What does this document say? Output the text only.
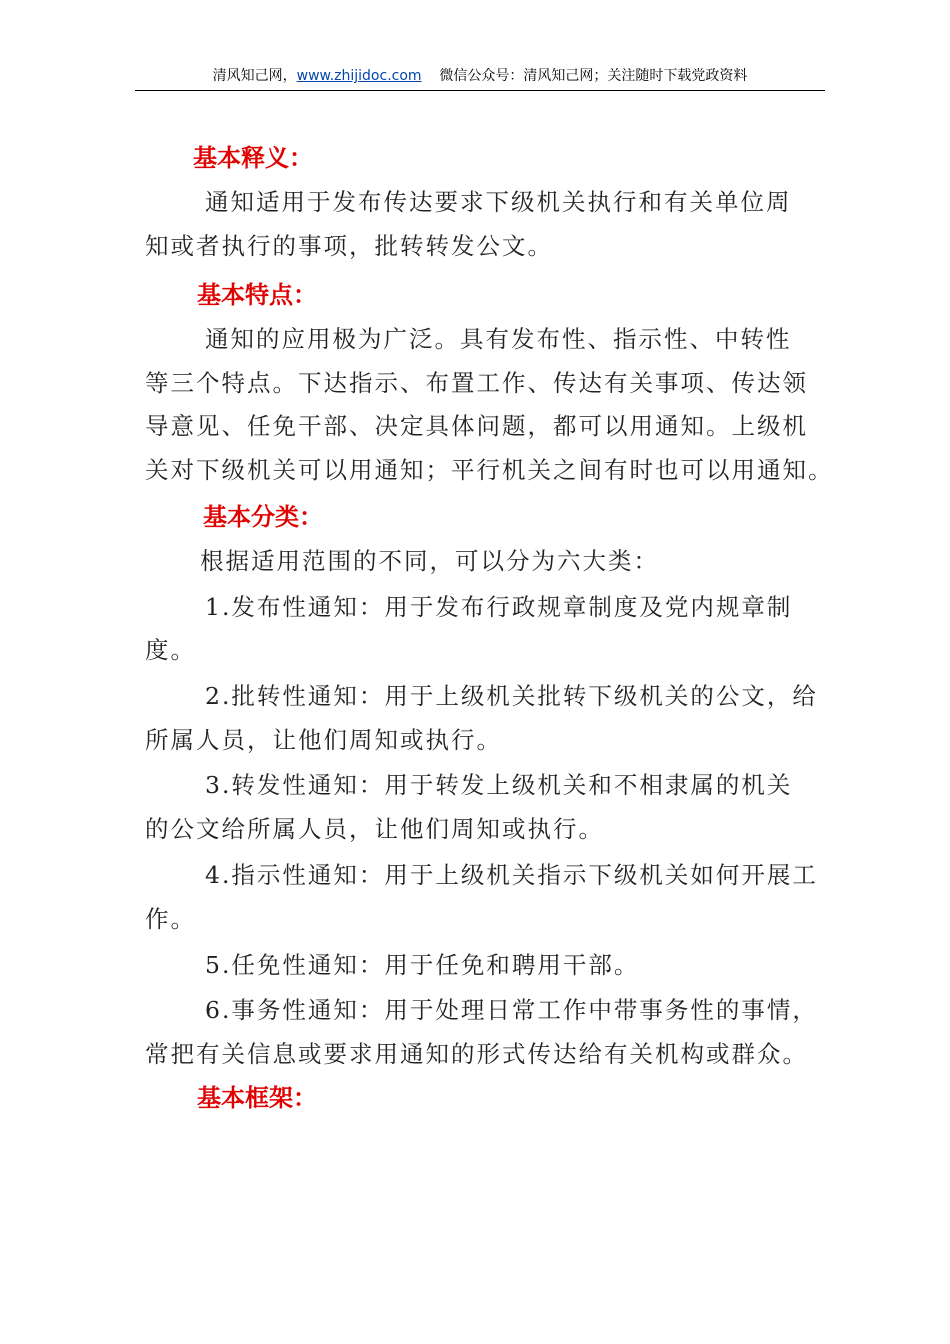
清风知己网，www.zhijidoc.com 微信公众号：清风知己网；关注随时下载党政资料
基本释义：
通知适用于发布传达要求下级机关执行和有关单位周
知或者执行的事项，批转转发公文。
基本特点：
通知的应用极为广泛。具有发布性、指示性、中转性
等三个特点。下达指示、布置工作、传达有关事项、传达领
导意见、任免干部、决定具体问题，都可以用通知。上级机
关对下级机关可以用通知；平行机关之间有时也可以用通知。
基本分类：
根据适用范围的不同，可以分为六大类：
1.发布性通知：用于发布行政规章制度及党内规章制
度。
2.批转性通知：用于上级机关批转下级机关的公文，给
所属人员，让他们周知或执行。
3.转发性通知：用于转发上级机关和不相隶属的机关
的公文给所属人员，让他们周知或执行。
4.指示性通知：用于上级机关指示下级机关如何开展工
作。
5.任免性通知：用于任免和聘用干部。
6.事务性通知：用于处理日常工作中带事务性的事情，
常把有关信息或要求用通知的形式传达给有关机构或群众。
基本框架：
